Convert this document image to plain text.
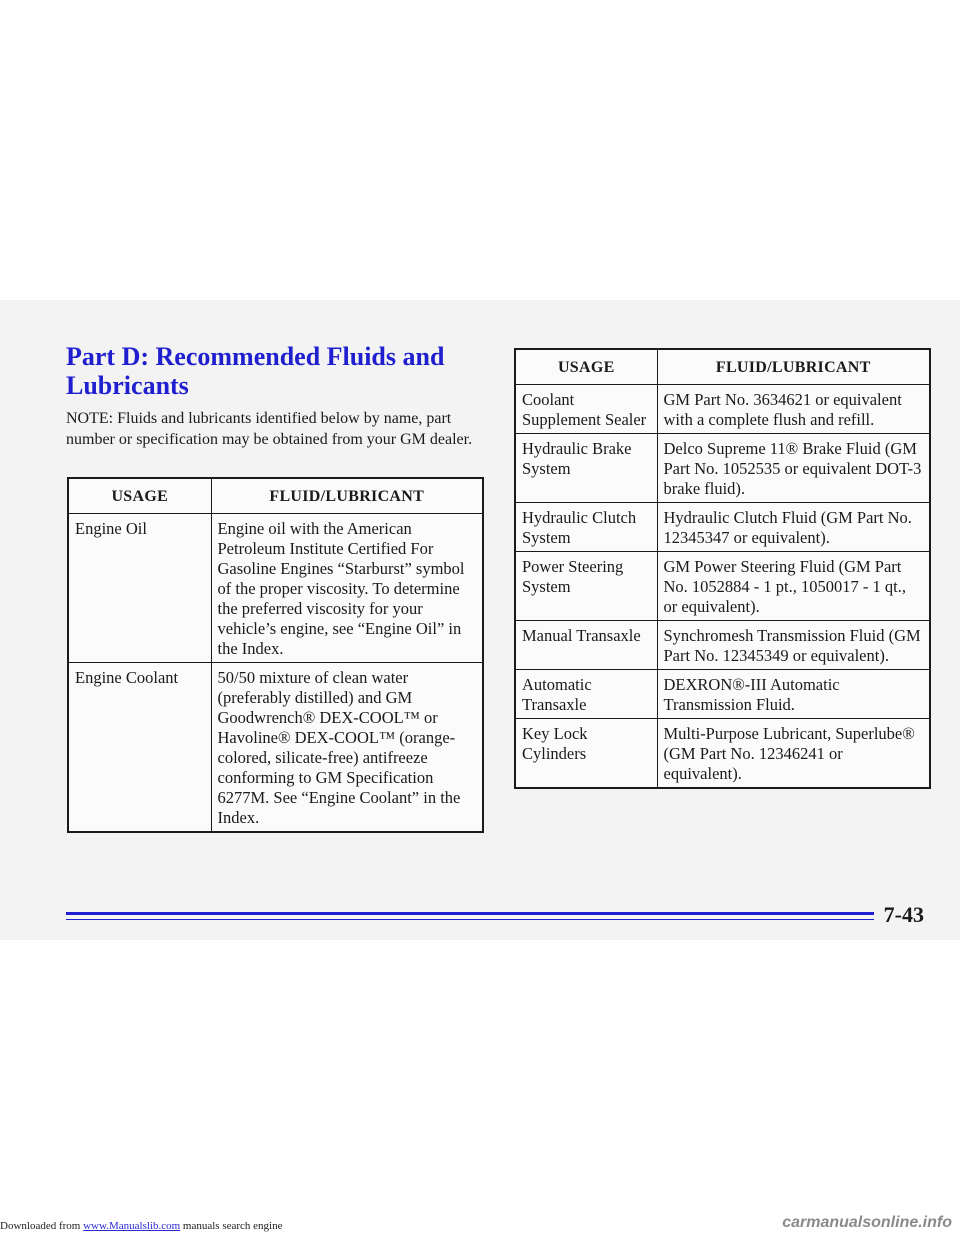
Part D: Recommended Fluids and Lubricants

NOTE: Fluids and lubricants identified below by name, part number or specification may be obtained from your GM dealer.

USAGE	FLUID/LUBRICANT
Engine Oil	Engine oil with the American Petroleum Institute Certified For Gasoline Engines “Starburst” symbol of the proper viscosity. To determine the preferred viscosity for your vehicle’s engine, see “Engine Oil” in the Index.
Engine Coolant	50/50 mixture of clean water (preferably distilled) and GM Goodwrench® DEX-COOL™ or Havoline® DEX-COOL™ (orange-colored, silicate-free) antifreeze conforming to GM Specification 6277M. See “Engine Coolant” in the Index.
USAGE	FLUID/LUBRICANT
Coolant Supplement Sealer	GM Part No. 3634621 or equivalent with a complete flush and refill.
Hydraulic Brake System	Delco Supreme 11® Brake Fluid (GM Part No. 1052535 or equivalent DOT-3 brake fluid).
Hydraulic Clutch System	Hydraulic Clutch Fluid (GM Part No. 12345347 or equivalent).
Power Steering System	GM Power Steering Fluid (GM Part No. 1052884 - 1 pt., 1050017 - 1 qt., or equivalent).
Manual Transaxle	Synchromesh Transmission Fluid (GM Part No. 12345349 or equivalent).
Automatic Transaxle	DEXRON®-III Automatic Transmission Fluid.
Key Lock Cylinders	Multi-Purpose Lubricant, Superlube® (GM Part No. 12346241 or equivalent).
7-43
Downloaded from www.Manualslib.com manuals search engine	carmanualsonline.info
